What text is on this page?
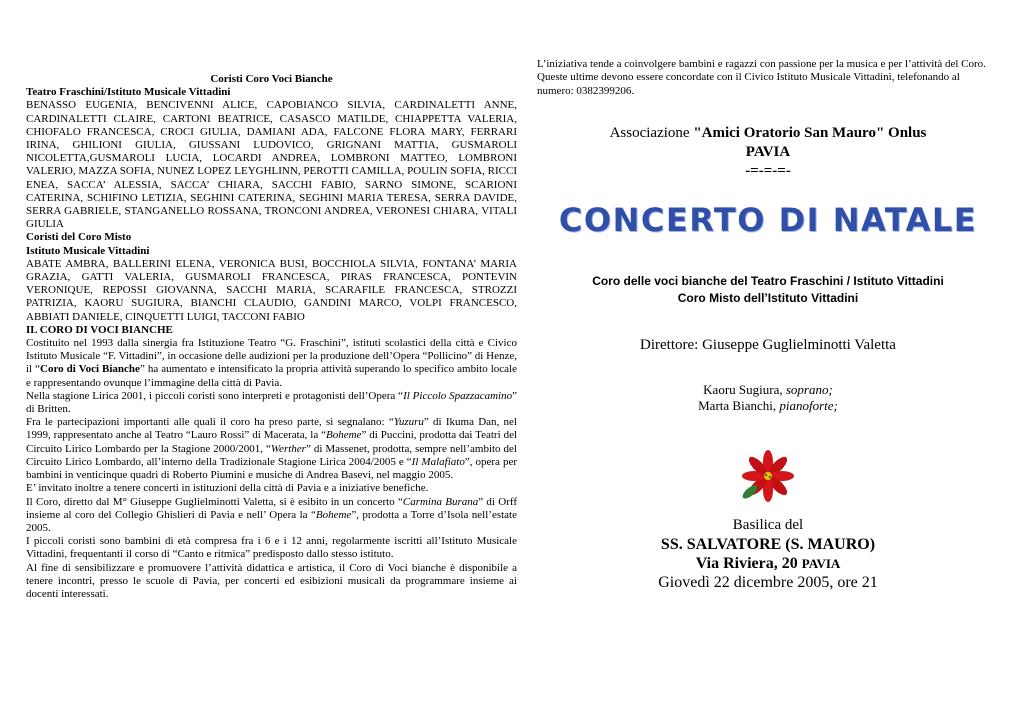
Coristi Coro Voci Bianche

Teatro Fraschini/Istituto Musicale Vittadini

BENASSO EUGENIA, BENCIVENNI ALICE, CAPOBIANCO SILVIA, CARDINALETTI ANNE, CARDINALETTI CLAIRE, CARTONI BEATRICE, CASASCO MATILDE, CHIAPPETTA VALERIA, CHIOFALO FRANCESCA, CROCI GIULIA, DAMIANI ADA, FALCONE FLORA MARY, FERRARI IRINA, GHILIONI GIULIA, GIUSSANI LUDOVICO, GRIGNANI MATTIA, GUSMAROLI NICOLETTA,GUSMAROLI LUCIA, LOCARDI ANDREA, LOMBRONI MATTEO, LOMBRONI VALERIO, MAZZA SOFIA, NUNEZ LOPEZ LEYGHLINN, PEROTTI CAMILLA, POULIN SOFIA, RICCI ENEA, SACCA’ ALESSIA, SACCA’ CHIARA, SACCHI FABIO, SARNO SIMONE, SCARIONI CATERINA, SCHIFINO LETIZIA, SEGHINI CATERINA, SEGHINI MARIA TERESA, SERRA DAVIDE, SERRA GABRIELE, STANGANELLO ROSSANA, TRONCONI ANDREA, VERONESI CHIARA, VITALI GIULIA

Coristi del Coro Misto

Istituto Musicale Vittadini

ABATE AMBRA, BALLERINI ELENA, VERONICA BUSI, BOCCHIOLA SILVIA, FONTANA’ MARIA GRAZIA, GATTI VALERIA, GUSMAROLI FRANCESCA, PIRAS FRANCESCA, PONTEVIN VERONIQUE, REPOSSI GIOVANNA, SACCHI MARIA, SCARAFILE FRANCESCA, STROZZI PATRIZIA, KAORU SUGIURA, BIANCHI CLAUDIO, GANDINI MARCO, VOLPI FRANCESCO, ABBIATI DANIELE, CINQUETTI LUIGI, TACCONI FABIO

IL CORO DI VOCI BIANCHE

Costituito nel 1993 dalla sinergia fra Istituzione Teatro “G. Fraschini”, istituti scolastici della città e Civico Istituto Musicale “F. Vittadini”, in occasione delle audizioni per la produzione dell’Opera “Pollicino” di Henze, il “Coro di Voci Bianche” ha aumentato e intensificato la propria attività superando lo specifico ambito locale e rappresentando ovunque l’immagine della città di Pavia.

Nella stagione Lirica 2001, i piccoli coristi sono interpreti e protagonisti dell’Opera “Il Piccolo Spazzacamino” di Britten.

Fra le partecipazioni importanti alle quali il coro ha preso parte, si segnalano: “Yuzuru” di Ikuma Dan, nel 1999, rappresentato anche al Teatro “Lauro Rossi” di Macerata, la “Boheme” di Puccini, prodotta dai Teatri del Circuito Lirico Lombardo per la Stagione 2000/2001, “Werther” di Massenet, prodotta, sempre nell’ambito del Circuito Lirico Lombardo, all’interno della Tradizionale Stagione Lirica 2004/2005 e “Il Malafiato”, opera per bambini in venticinque quadri di Roberto Piumini e musiche di Andrea Basevi, nel maggio 2005.

E’ invitato inoltre a tenere concerti in istituzioni della città di Pavia e a iniziative benefiche.

Il Coro, diretto dal M° Giuseppe Guglielminotti Valetta, si è esibito in un concerto “Carmina Burana” di Orff insieme al coro del Collegio Ghislieri di Pavia e nell’ Opera la “Boheme”, prodotta a Torre d’Isola nell’estate 2005.

I piccoli coristi sono bambini di età compresa fra i 6 e i 12 anni, regolarmente iscritti all’Istituto Musicale Vittadini, frequentanti il corso di “Canto e ritmica” predisposto dallo stesso istituto.

Al fine di sensibilizzare e promuovere l’attività didattica e artistica, il Coro di Voci bianche è disponibile a tenere incontri, presso le scuole di Pavia, per concerti ed esibizioni musicali da programmare insieme ai docenti interessati.

L’iniziativa tende a coinvolgere bambini e ragazzi con passione per la musica e per l’attività del Coro. Queste ultime devono essere concordate con il Civico Istituto Musicale Vittadini, telefonando al numero: 0382399206.

Associazione "Amici Oratorio San Mauro" Onlus
PAVIA
-=-=-=-
CONCERTO DI NATALE
Coro delle voci bianche del Teatro Fraschini / Istituto Vittadini
Coro Misto dell’Istituto Vittadini
Direttore: Giuseppe Guglielminotti Valetta
Kaoru Sugiura, soprano;
Marta Bianchi, pianoforte;
Basilica del
SS. SALVATORE (S. MAURO)
Via Riviera, 20 PAVIA
Giovedì 22 dicembre 2005, ore 21
